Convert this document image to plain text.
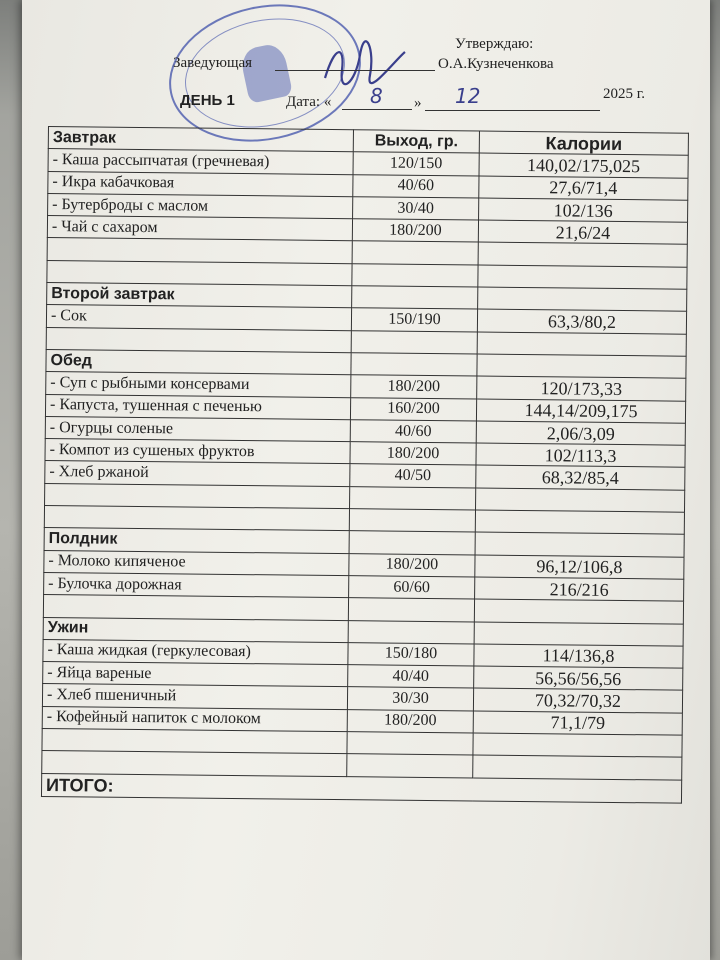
Утверждаю:
Заведующая	О.А.Кузнеченкова
ДЕНЬ 1	Дата: « 8 » 12	2025 г.
Завтрак	Выход, гр.	Калории
- Каша рассыпчатая (гречневая)	120/150	140,02/175,025
- Икра кабачковая	40/60	27,6/71,4
- Бутерброды с маслом	30/40	102/136
- Чай с сахаром	180/200	21,6/24

Второй завтрак		
- Сок	150/190	63,3/80,2

Обед		
- Суп с рыбными консервами	180/200	120/173,33
- Капуста, тушенная с печенью	160/200	144,14/209,175
- Огурцы соленые	40/60	2,06/3,09
- Компот из сушеных фруктов	180/200	102/113,3
- Хлеб ржаной	40/50	68,32/85,4

Полдник		
- Молоко кипяченое	180/200	96,12/106,8
- Булочка дорожная	60/60	216/216

Ужин		
- Каша жидкая (геркулесовая)	150/180	114/136,8
- Яйца вареные	40/40	56,56/56,56
- Хлеб пшеничный	30/30	70,32/70,32
- Кофейный напиток с молоком	180/200	71,1/79

ИТОГО:		
